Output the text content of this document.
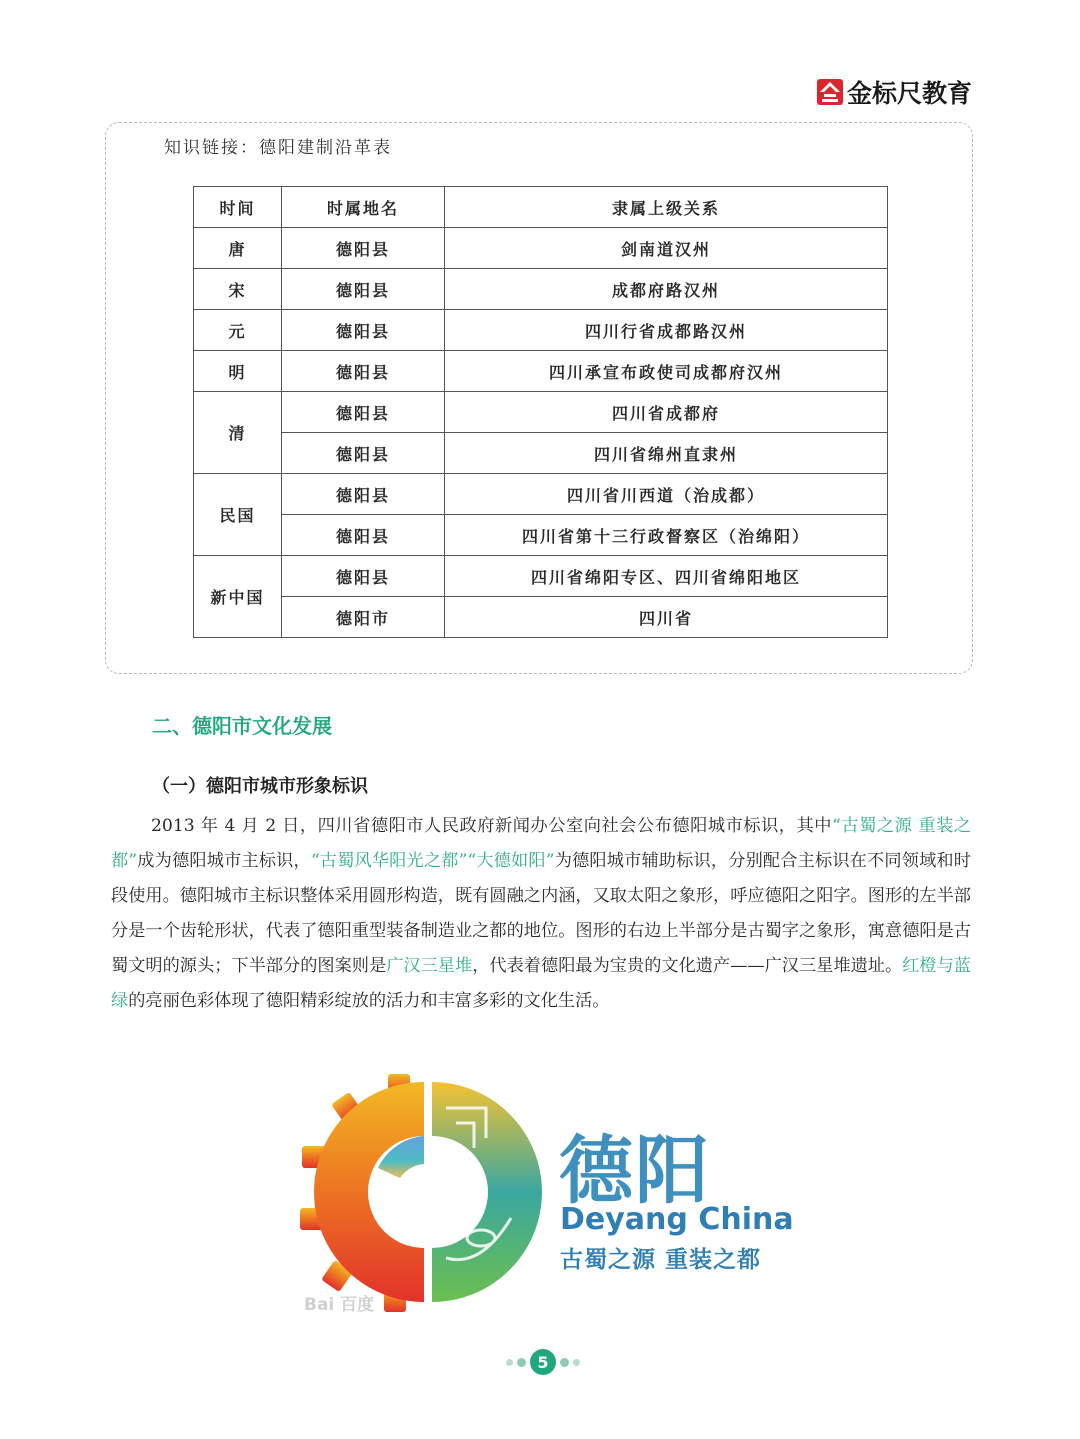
金标尺教育
知识链接：德阳建制沿革表
时间	时属地名	隶属上级关系
唐	德阳县	剑南道汉州
宋	德阳县	成都府路汉州
元	德阳县	四川行省成都路汉州
明	德阳县	四川承宣布政使司成都府汉州
清	德阳县	四川省成都府
	德阳县	四川省绵州直隶州
民国	德阳县	四川省川西道（治成都）
	德阳县	四川省第十三行政督察区（治绵阳）
新中国	德阳县	四川省绵阳专区、四川省绵阳地区
	德阳市	四川省
二、德阳市文化发展
（一）德阳市城市形象标识
2013 年 4 月 2 日，四川省德阳市人民政府新闻办公室向社会公布德阳城市标识，其中“古蜀之源 重装之都”成为德阳城市主标识，“古蜀风华阳光之都”“大德如阳”为德阳城市辅助标识，分别配合主标识在不同领域和时段使用。德阳城市主标识整体采用圆形构造，既有圆融之内涵，又取太阳之象形，呼应德阳之阳字。图形的左半部分是一个齿轮形状，代表了德阳重型装备制造业之都的地位。图形的右边上半部分是古蜀字之象形，寓意德阳是古蜀文明的源头；下半部分的图案则是广汉三星堆，代表着德阳最为宝贵的文化遗产——广汉三星堆遗址。红橙与蓝绿的亮丽色彩体现了德阳精彩绽放的活力和丰富多彩的文化生活。
德阳
Deyang China
古蜀之源 重装之都
Bai 百度
5
